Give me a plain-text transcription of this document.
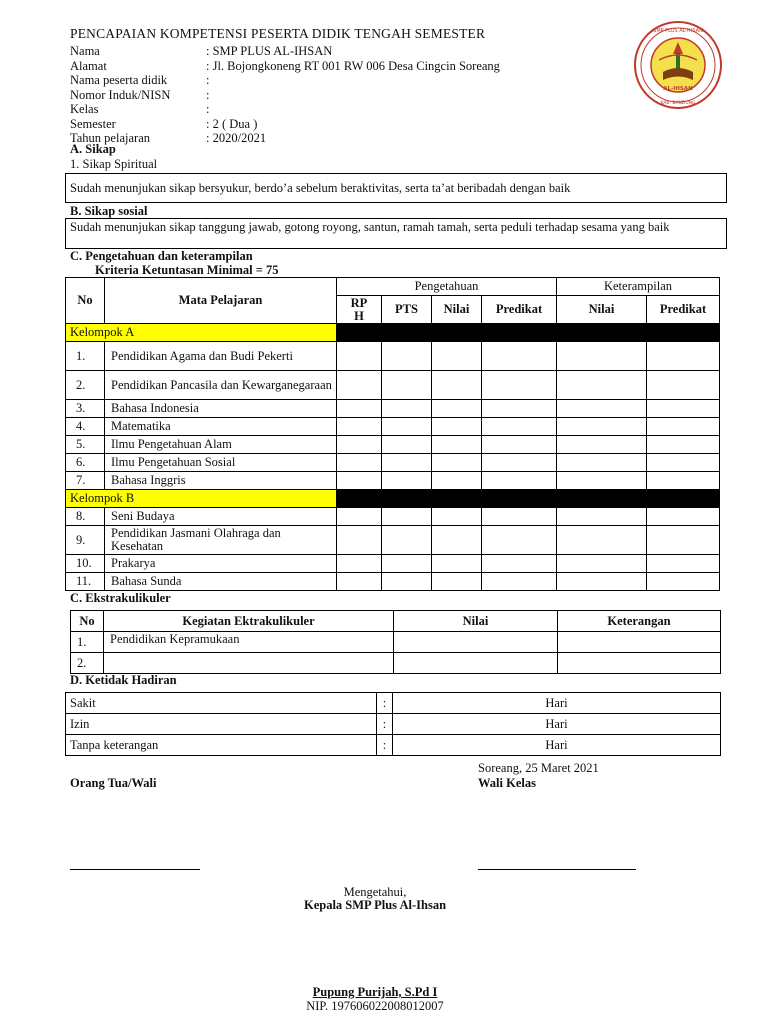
PENCAPAIAN KOMPETENSI PESERTA DIDIK TENGAH SEMESTER
AL-IHSAN
SMP PLUS AL-IHSAN
KAB. BANDUNG
Nama	: SMP PLUS AL-IHSAN
Alamat	: Jl. Bojongkoneng RT 001 RW 006 Desa Cingcin Soreang
Nama peserta didik	:
Nomor Induk/NISN	:
Kelas	:
Semester	: 2 ( Dua )
Tahun pelajaran	: 2020/2021
A. Sikap
1. Sikap Spiritual
Sudah menunjukan sikap bersyukur, berdo’a sebelum beraktivitas, serta ta’at beribadah dengan baik
B. Sikap sosial
Sudah menunjukan sikap tanggung jawab, gotong royong, santun, ramah tamah, serta peduli terhadap sesama yang baik
C. Pengetahuan dan keterampilan
Kriteria Ketuntasan Minimal = 75
No	Mata Pelajaran	Pengetahuan				Keterampilan	
		RP H	PTS	Nilai	Predikat	Nilai	Predikat
Kelompok A							
1.	Pendidikan Agama dan Budi Pekerti						
2.	Pendidikan Pancasila dan Kewarganegaraan						
3.	Bahasa Indonesia						
4.	Matematika						
5.	Ilmu Pengetahuan Alam						
6.	Ilmu Pengetahuan Sosial						
7.	Bahasa Inggris						
Kelompok B							
8.	Seni Budaya						
9.	Pendidikan Jasmani Olahraga dan Kesehatan						
10.	Prakarya						
11.	Bahasa Sunda						
C. Ekstrakulikuler
No	Kegiatan Ektrakulikuler	Nilai	Keterangan
1.	Pendidikan Kepramukaan		
2.			
D. Ketidak Hadiran
Sakit	:	Hari
Izin	:	Hari
Tanpa keterangan	:	Hari
Soreang, 25 Maret 2021
Orang Tua/Wali	Wali Kelas
Mengetahui,
Kepala SMP Plus Al-Ihsan
Pupung Purijah, S.Pd I
NIP. 197606022008012007
